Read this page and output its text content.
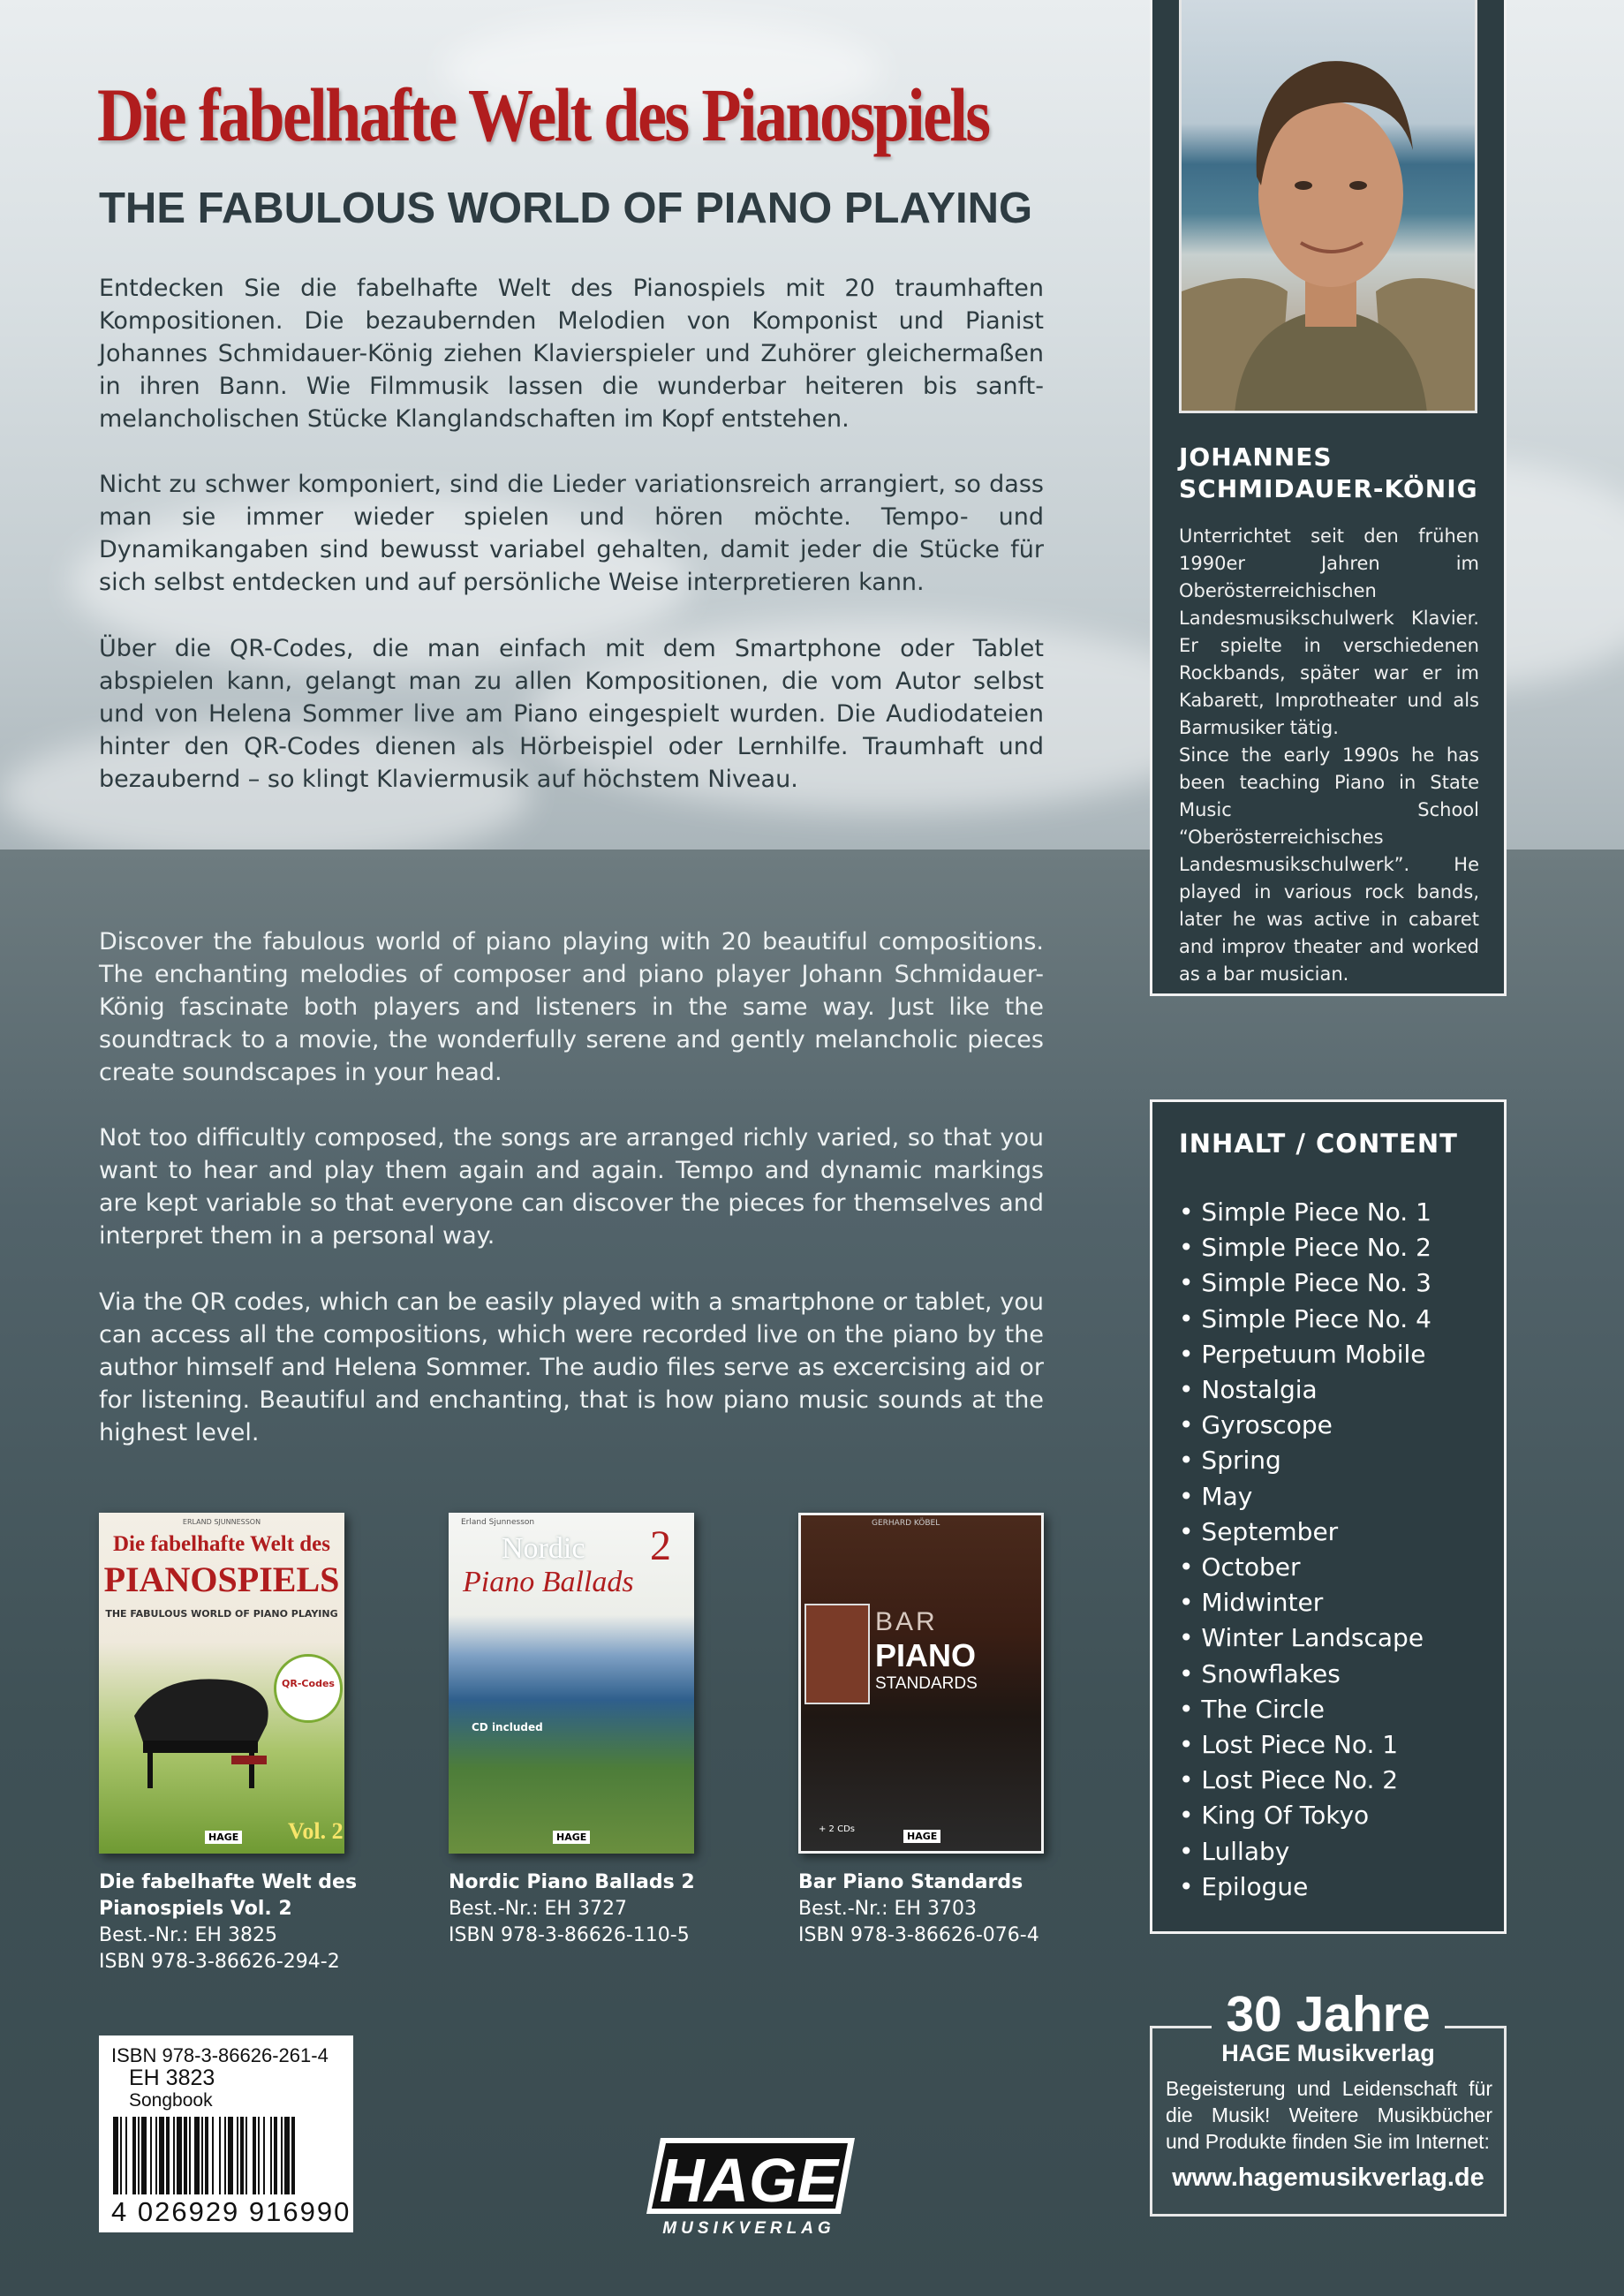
Die fabelhafte Welt des Pianospiels
THE FABULOUS WORLD OF PIANO PLAYING

Entdecken Sie die fabelhafte Welt des Pianospiels mit 20 traumhaften Kompositionen. Die bezaubernden Melodien von Komponist und Pianist Johannes Schmidauer-König ziehen Klavierspieler und Zuhörer gleichermaßen in ihren Bann. Wie Filmmusik lassen die wunderbar heiteren bis sanft-melancholischen Stücke Klanglandschaften im Kopf entstehen.

Nicht zu schwer komponiert, sind die Lieder variationsreich arrangiert, so dass man sie immer wieder spielen und hören möchte. Tempo- und Dynamikangaben sind bewusst variabel gehalten, damit jeder die Stücke für sich selbst entdecken und auf persönliche Weise interpretieren kann.

Über die QR-Codes, die man einfach mit dem Smartphone oder Tablet abspielen kann, gelangt man zu allen Kompositionen, die vom Autor selbst und von Helena Sommer live am Piano eingespielt wurden. Die Audiodateien hinter den QR-Codes dienen als Hörbeispiel oder Lernhilfe. Traumhaft und bezaubernd – so klingt Klaviermusik auf höchstem Niveau.

Discover the fabulous world of piano playing with 20 beautiful compositions. The enchanting melodies of composer and piano player Johann Schmidauer-König fascinate both players and listeners in the same way. Just like the soundtrack to a movie, the wonderfully serene and gently melancholic pieces create soundscapes in your head.

Not too difficultly composed, the songs are arranged richly varied, so that you want to hear and play them again and again. Tempo and dynamic markings are kept variable so that everyone can discover the pieces for themselves and interpret them in a personal way.

Via the QR codes, which can be easily played with a smartphone or tablet, you can access all the compositions, which were recorded live on the piano by the author himself and Helena Sommer. The audio files serve as excercising aid or for listening. Beautiful and enchanting, that is how piano music sounds at the highest level.

JOHANNES SCHMIDAUER-KÖNIG

Unterrichtet seit den frühen 1990er Jahren im Oberösterreichischen Landesmusikschulwerk Klavier. Er spielte in verschiedenen Rockbands, später war er im Kabarett, Improtheater und als Barmusiker tätig.

Since the early 1990s he has been teaching Piano in State Music School “Oberösterreichisches Landesmusikschulwerk”. He played in various rock bands, later he was active in cabaret and improv theater and worked as a bar musician.

INHALT / CONTENT

• Simple Piece No. 1
• Simple Piece No. 2
• Simple Piece No. 3
• Simple Piece No. 4
• Perpetuum Mobile
• Nostalgia
• Gyroscope
• Spring
• May
• September
• October
• Midwinter
• Winter Landscape
• Snowflakes
• The Circle
• Lost Piece No. 1
• Lost Piece No. 2
• King Of Tokyo
• Lullaby
• Epilogue
ERLAND SJUNNESSON
Die fabelhafte Welt des
PIANOSPIELS
THE FABULOUS WORLD OF PIANO PLAYING
QR-Codes
Vol. 2
HAGE

Die fabelhafte Welt des Pianospiels Vol. 2
Best.-Nr.: EH 3825
ISBN 978-3-86626-294-2

Erland Sjunnesson
Nordic 2
Piano Ballads
CD included
HAGE

Nordic Piano Ballads 2
Best.-Nr.: EH 3727
ISBN 978-3-86626-110-5

GERHARD KÖBEL
BAR
PIANO
STANDARDS
+ 2 CDs
HAGE

Bar Piano Standards
Best.-Nr.: EH 3703
ISBN 978-3-86626-076-4

ISBN 978-3-86626-261-4
EH 3823
Songbook
4 026929 916990	HAGE
MUSIKVERLAG

30 Jahre

HAGE Musikverlag

Begeisterung und Leidenschaft für die Musik! Weitere Musikbücher und Produkte finden Sie im Internet:

www.hagemusikverlag.de
